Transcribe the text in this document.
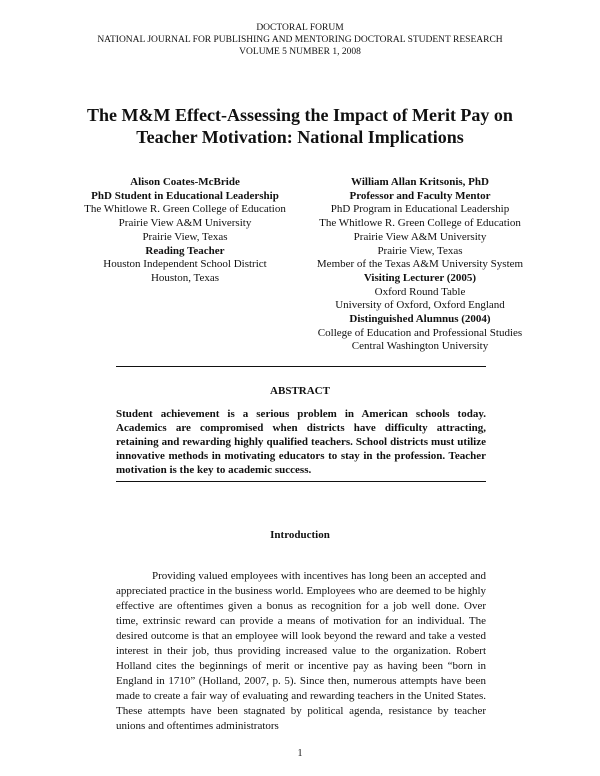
DOCTORAL FORUM
NATIONAL JOURNAL FOR PUBLISHING AND MENTORING DOCTORAL STUDENT RESEARCH
VOLUME 5 NUMBER 1, 2008
The M&M Effect-Assessing the Impact of Merit Pay on Teacher Motivation: National Implications
Alison Coates-McBride
PhD Student in Educational Leadership
The Whitlowe R. Green College of Education
Prairie View A&M University
Prairie View, Texas
Reading Teacher
Houston Independent School District
Houston, Texas
William Allan Kritsonis, PhD
Professor and Faculty Mentor
PhD Program in Educational Leadership
The Whitlowe R. Green College of Education
Prairie View A&M University
Prairie View, Texas
Member of the Texas A&M University System
Visiting Lecturer (2005)
Oxford Round Table
University of Oxford, Oxford England
Distinguished Alumnus (2004)
College of Education and Professional Studies
Central Washington University
ABSTRACT
Student achievement is a serious problem in American schools today. Academics are compromised when districts have difficulty attracting, retaining and rewarding highly qualified teachers. School districts must utilize innovative methods in motivating educators to stay in the profession. Teacher motivation is the key to academic success.
Introduction
Providing valued employees with incentives has long been an accepted and appreciated practice in the business world. Employees who are deemed to be highly effective are oftentimes given a bonus as recognition for a job well done. Over time, extrinsic reward can provide a means of motivation for an individual. The desired outcome is that an employee will look beyond the reward and take a vested interest in their job, thus providing increased value to the organization. Robert Holland cites the beginnings of merit or incentive pay as having been “born in England in 1710” (Holland, 2007, p. 5). Since then, numerous attempts have been made to create a fair way of evaluating and rewarding teachers in the United States. These attempts have been stagnated by political agenda, resistance by teacher unions and oftentimes administrators
1
